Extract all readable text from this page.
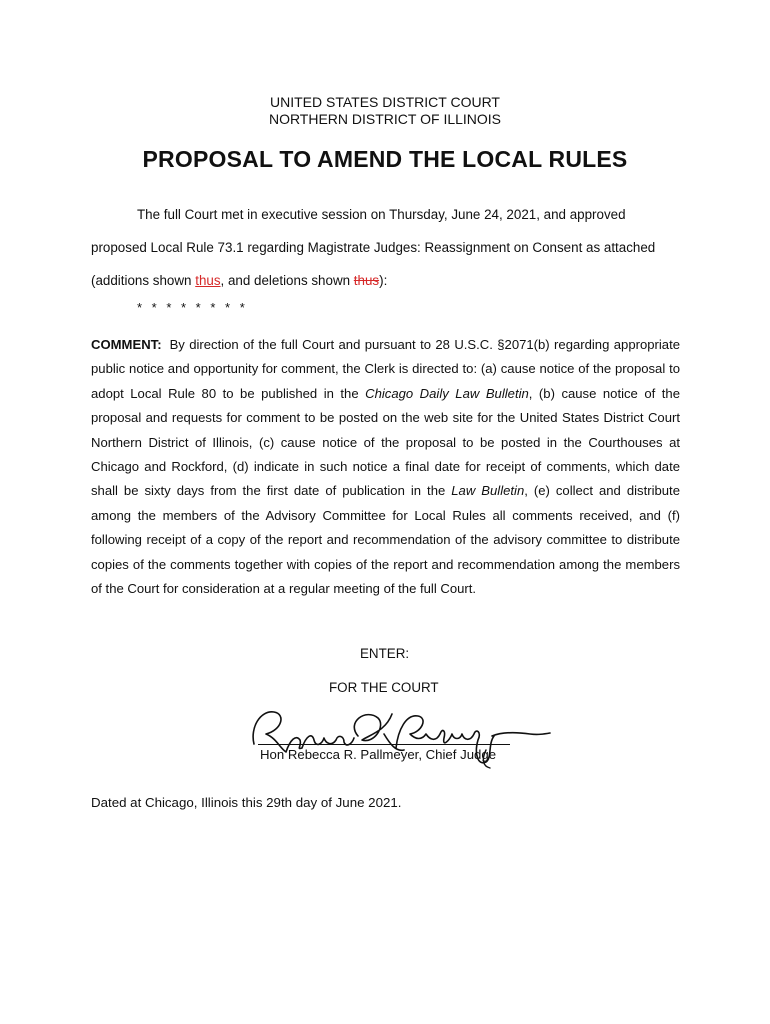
UNITED STATES DISTRICT COURT
NORTHERN DISTRICT OF ILLINOIS
PROPOSAL TO AMEND THE LOCAL RULES
The full Court met in executive session on Thursday, June 24, 2021, and approved
proposed Local Rule 73.1 regarding Magistrate Judges: Reassignment on Consent as attached
(additions shown thus, and deletions shown thus):
* * * * * * * *
COMMENT: By direction of the full Court and pursuant to 28 U.S.C. §2071(b) regarding appropriate public notice and opportunity for comment, the Clerk is directed to: (a) cause notice of the proposal to adopt Local Rule 80 to be published in the Chicago Daily Law Bulletin, (b) cause notice of the proposal and requests for comment to be posted on the web site for the United States District Court Northern District of Illinois, (c) cause notice of the proposal to be posted in the Courthouses at Chicago and Rockford, (d) indicate in such notice a final date for receipt of comments, which date shall be sixty days from the first date of publication in the Law Bulletin, (e) collect and distribute among the members of the Advisory Committee for Local Rules all comments received, and (f) following receipt of a copy of the report and recommendation of the advisory committee to distribute copies of the comments together with copies of the report and recommendation among the members of the Court for consideration at a regular meeting of the full Court.
ENTER:
FOR THE COURT
Hon Rebecca R. Pallmeyer, Chief Judge
Dated at Chicago, Illinois this 29th day of June 2021.
